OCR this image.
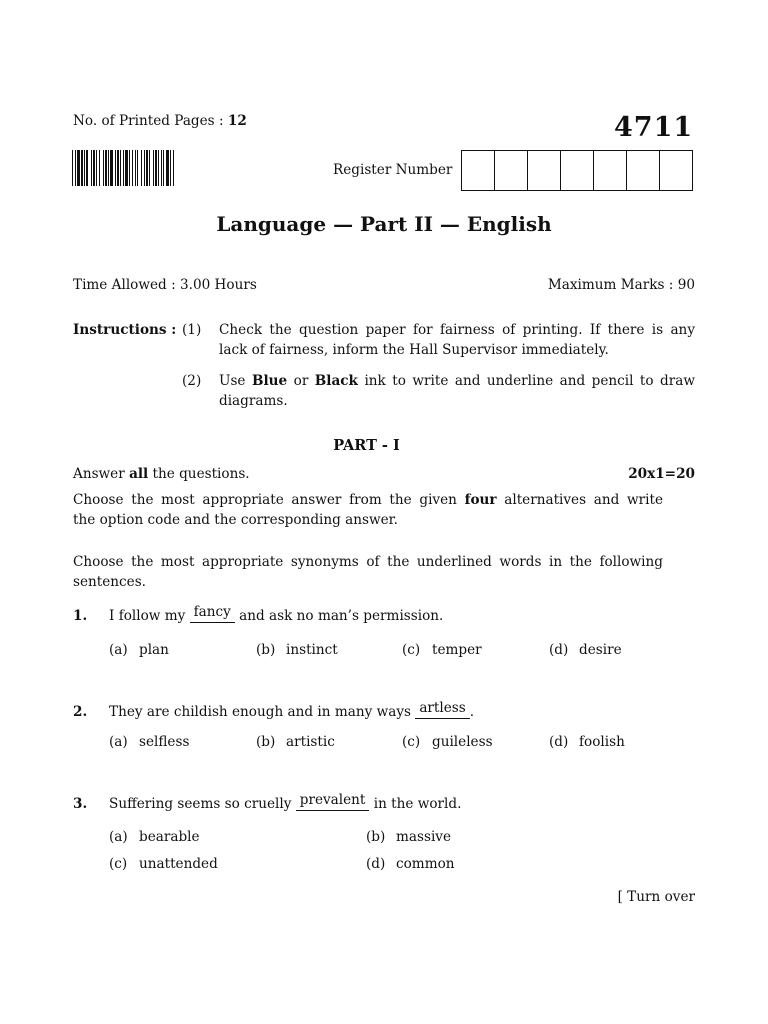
No. of Printed Pages : 12	4711
Register Number
Language — Part II — English
Time Allowed : 3.00 Hours	Maximum Marks : 90
Instructions : (1) Check the question paper for fairness of printing. If there is any
lack of fairness, inform the Hall Supervisor immediately.
(2) Use Blue or Black ink to write and underline and pencil to draw
diagrams.
PART - I
Answer all the questions.	20x1=20
Choose the most appropriate answer from the given four alternatives and write
the option code and the corresponding answer.
Choose the most appropriate synonyms of the underlined words in the following
sentences.
1. I follow my fancy and ask no man’s permission.
(a) plan	(b) instinct	(c) temper	(d) desire
2. They are childish enough and in many ways artless .
(a) selfless	(b) artistic	(c) guileless	(d) foolish
3. Suffering seems so cruelly prevalent in the world.
(a) bearable	(b) massive
(c) unattended	(d) common
[ Turn over
